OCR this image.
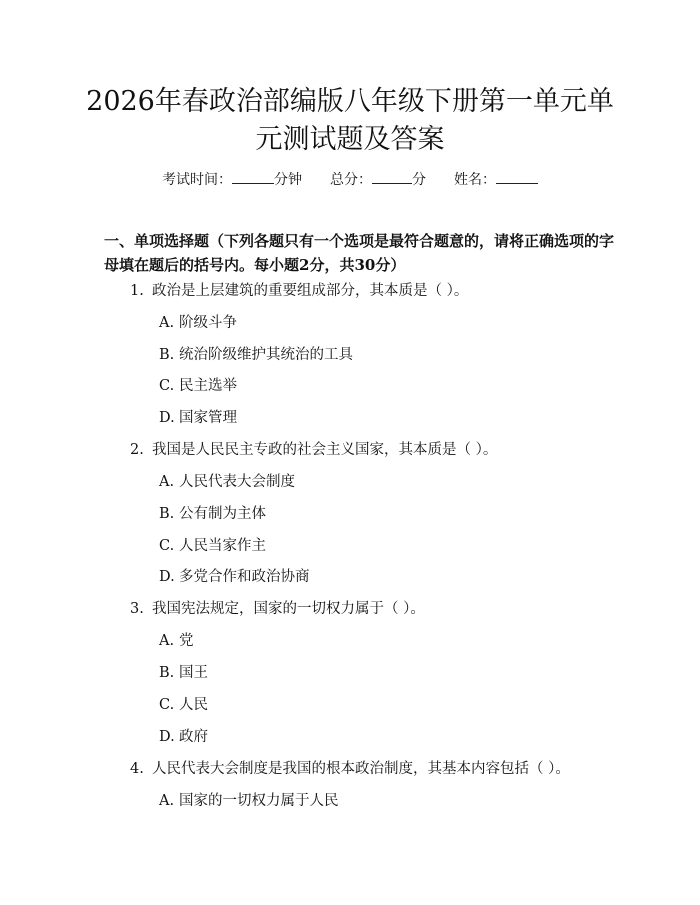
2026年春政治部编版八年级下册第一单元单
元测试题及答案
考试时间：	分钟 总分：	分 姓名：

一、单项选择题（下列各题只有一个选项是最符合题意的，请将正确选项的字母填在题后的括号内。每小题2分，共30分）

1. 政治是上层建筑的重要组成部分，其本质是（ ）。

A. 阶级斗争

B. 统治阶级维护其统治的工具

C. 民主选举

D. 国家管理

2. 我国是人民民主专政的社会主义国家，其本质是（ ）。

A. 人民代表大会制度

B. 公有制为主体

C. 人民当家作主

D. 多党合作和政治协商

3. 我国宪法规定，国家的一切权力属于（ ）。

A. 党

B. 国王

C. 人民

D. 政府

4. 人民代表大会制度是我国的根本政治制度，其基本内容包括（ ）。

A. 国家的一切权力属于人民
